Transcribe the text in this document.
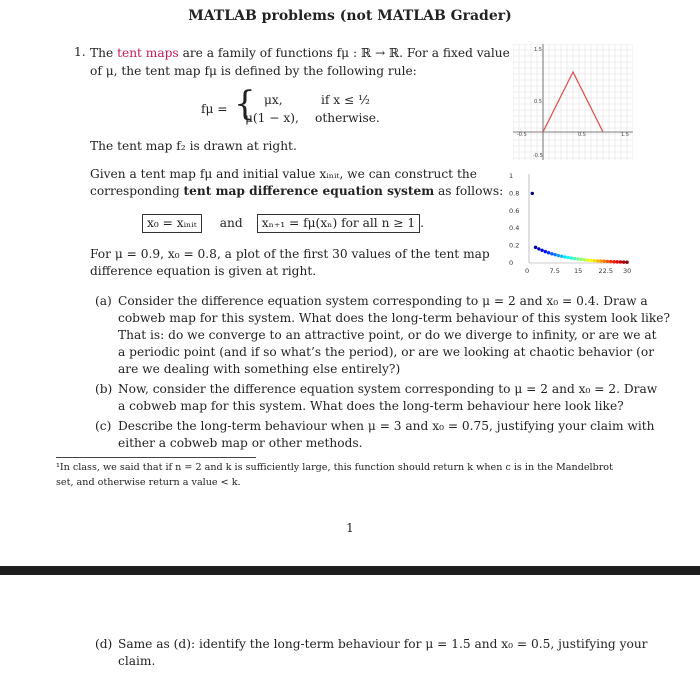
MATLAB problems (not MATLAB Grader)
1. The tent maps are a family of functions fμ : ℝ → ℝ. For a fixed value
of μ, the tent map fμ is defined by the following rule:
fμ = { μx,	if x ≤ ½
μ(1 − x), otherwise.
The tent map f₂ is drawn at right.
Given a tent map fμ and initial value xᵢₙᵢₜ, we can construct the
corresponding tent map difference equation system as follows:
x₀ = xᵢₙᵢₜ and xₙ₊₁ = fμ(xₙ) for all n ≥ 1 .
For μ = 0.9, x₀ = 0.8, a plot of the first 30 values of the tent map
difference equation is given at right.
(a) Consider the difference equation system corresponding to μ = 2 and x₀ = 0.4. Draw a
cobweb map for this system. What does the long-term behaviour of this system look like?
That is: do we converge to an attractive point, or do we diverge to infinity, or are we at
a periodic point (and if so what’s the period), or are we looking at chaotic behavior (or
are we dealing with something else entirely?)
(b) Now, consider the difference equation system corresponding to μ = 2 and x₀ = 2. Draw
a cobweb map for this system. What does the long-term behaviour here look like?
(c) Describe the long-term behaviour when μ = 3 and x₀ = 0.75, justifying your claim with
either a cobweb map or other methods.
¹In class, we said that if n = 2 and k is sufficiently large, this function should return k when c is in the Mandelbrot
set, and otherwise return a value < k.
1
-0.5	0.5	1.5
1.5
0.5
-0.5
0	7.5 15 22.5 30
0
0.2
0.4
0.6
0.8
1
(d) Same as (d): identify the long-term behaviour for μ = 1.5 and x₀ = 0.5, justifying your
claim.
